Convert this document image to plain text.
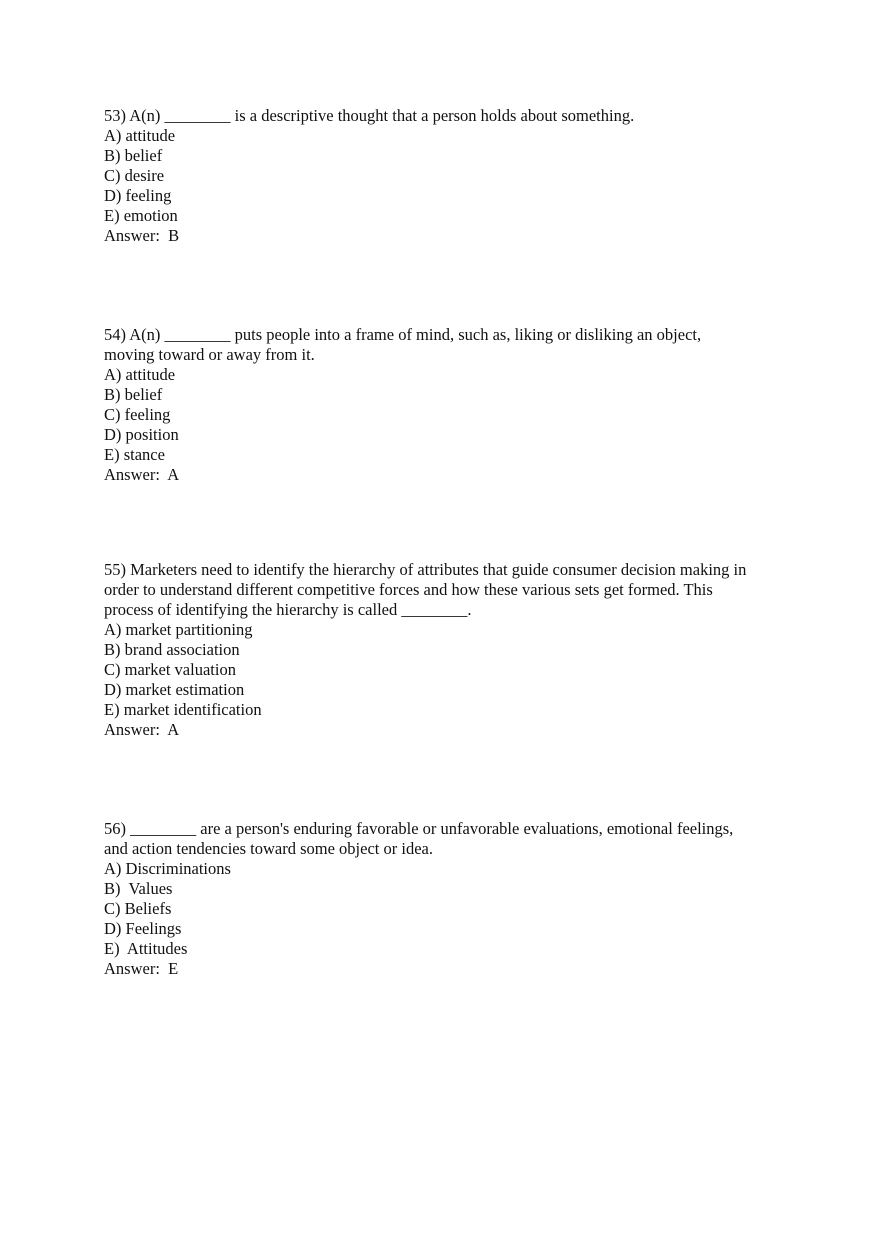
53) A(n) ________ is a descriptive thought that a person holds about something.
A) attitude
B) belief
C) desire
D) feeling
E) emotion
Answer:  B
54) A(n) ________ puts people into a frame of mind, such as, liking or disliking an object,
moving toward or away from it.
A) attitude
B) belief
C) feeling
D) position
E) stance
Answer:  A
55) Marketers need to identify the hierarchy of attributes that guide consumer decision making in
order to understand different competitive forces and how these various sets get formed. This
process of identifying the hierarchy is called ________.
A) market partitioning
B) brand association
C) market valuation
D) market estimation
E) market identification
Answer:  A
56) ________ are a person's enduring favorable or unfavorable evaluations, emotional feelings,
and action tendencies toward some object or idea.
A) Discriminations
B)  Values
C) Beliefs
D) Feelings
E)  Attitudes
Answer:  E
